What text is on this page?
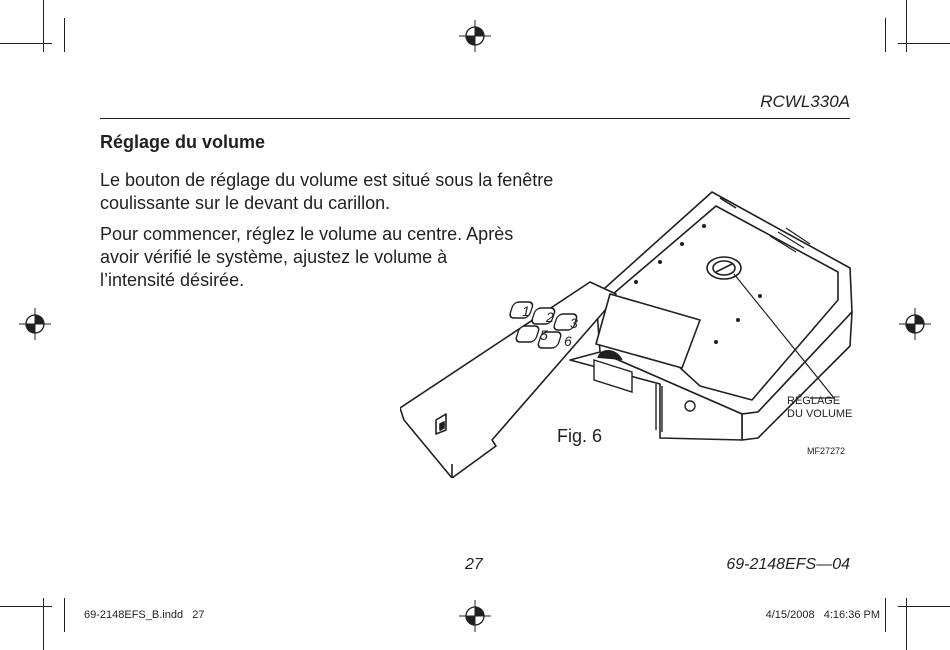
RCWL330A
Réglage du volume
Le bouton de réglage du volume est situé sous la fenêtre
coulissante sur le devant du carillon.
Pour commencer, réglez le volume au centre. Après
avoir vérifié le système, ajustez le volume à
l’intensité désirée.
1 2 3
5 6
Fig. 6
RÉGLAGE
DU VOLUME
MF27272
27	69-2148EFS—04
69-2148EFS_B.indd   27	4/15/2008   4:16:36 PM
